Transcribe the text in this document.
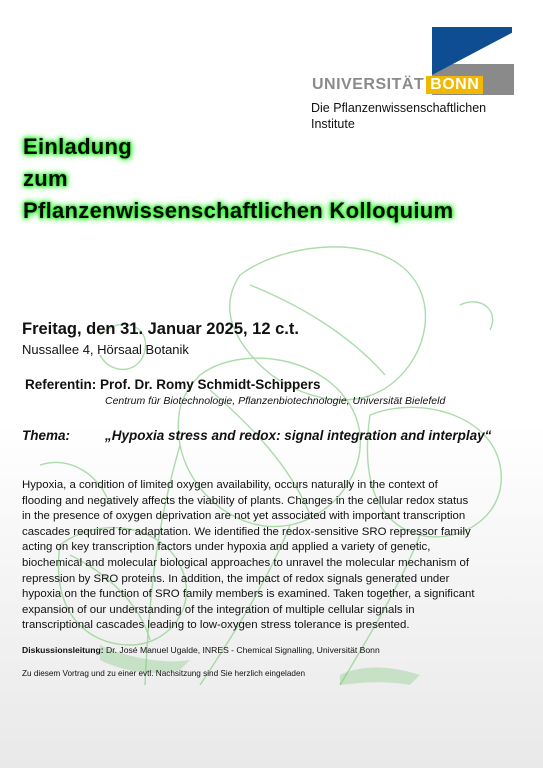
UNIVERSITÄT BONN
Die Pflanzenwissenschaftlichen
Institute
Einladung
zum
Pflanzenwissenschaftlichen Kolloquium
Freitag, den 31. Januar 2025, 12 c.t.
Nussallee 4, Hörsaal Botanik
Referentin: Prof. Dr. Romy Schmidt-Schippers
Centrum für Biotechnologie, Pflanzenbiotechnologie, Universität Bielefeld
Thema:	„Hypoxia stress and redox: signal integration and interplay“
Hypoxia, a condition of limited oxygen availability, occurs naturally in the context of
flooding and negatively affects the viability of plants. Changes in the cellular redox status
in the presence of oxygen deprivation are not yet associated with important transcription
cascades required for adaptation. We identified the redox-sensitive SRO repressor family
acting on key transcription factors under hypoxia and applied a variety of genetic,
biochemical and molecular biological approaches to unravel the molecular mechanism of
repression by SRO proteins. In addition, the impact of redox signals generated under
hypoxia on the function of SRO family members is examined. Taken together, a significant
expansion of our understanding of the integration of multiple cellular signals in
transcriptional cascades leading to low-oxygen stress tolerance is presented.
Diskussionsleitung: Dr. José Manuel Ugalde, INRES - Chemical Signalling, Universität Bonn
Zu diesem Vortrag und zu einer evtl. Nachsitzung sind Sie herzlich eingeladen
